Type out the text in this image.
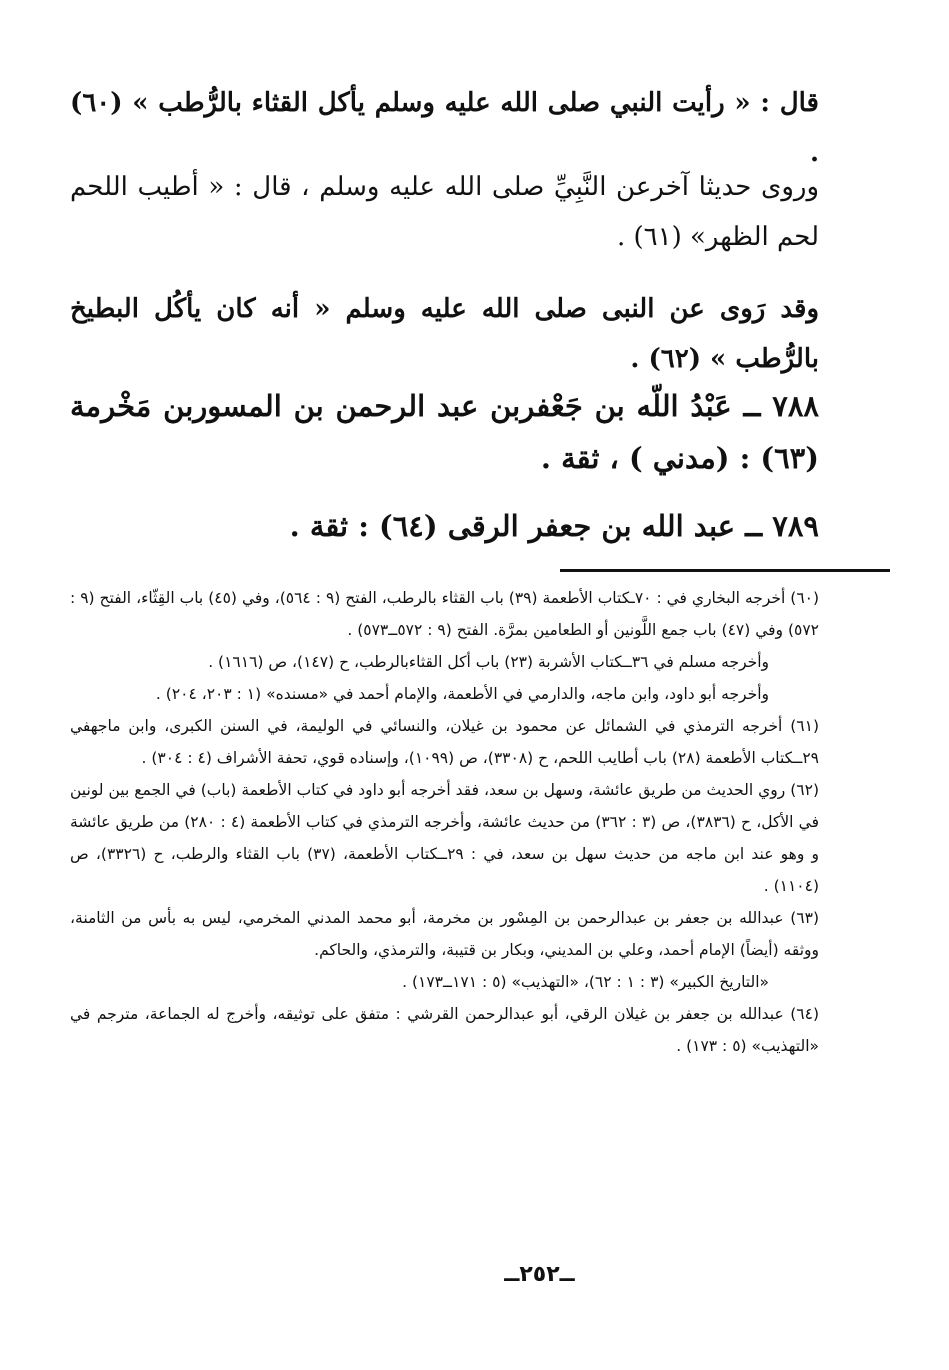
قال : « رأيت النبي صلى الله عليه وسلم يأكل القثاء بالرُّطب » (٦٠) .

وروى حديثا آخرعن النَّبِيِّ صلى الله عليه وسلم ، قال : « أطيب اللحم لحم الظهر» (٦١) .

وقد رَوى عن النبى صلى الله عليه وسلم « أنه كان يأكُل البطيخ بالرُّطب » (٦٢) .

٧٨٨ ــ عَبْدُ اللّه بن جَعْفربن عبد الرحمن بن المسوربن مَخْرمة (٦٣) : (مدني ) ، ثقة .

٧٨٩ ــ عبد الله بن جعفر الرقى (٦٤) : ثقة .

(٦٠) أخرجه البخاري في : ٧٠ـكتاب الأطعمة (٣٩) باب القثاء بالرطب، الفتح (٩ : ٥٦٤)، وفي (٤٥) باب القِثّاء، الفتح (٩ : ٥٧٢) وفي (٤٧) باب جمع اللَّونين أو الطعامين بمرَّة. الفتح (٩ : ٥٧٢ــ٥٧٣) .

وأخرجه مسلم في ٣٦ــكتاب الأشربة (٢٣) باب أكل القثاءبالرطب، ح (١٤٧)، ص (١٦١٦) .

وأخرجه أبو داود، وابن ماجه، والدارمي في الأطعمة، والإمام أحمد في «مسنده» (١ : ٢٠٣، ٢٠٤) .

(٦١) أخرجه الترمذي في الشمائل عن محمود بن غيلان، والنسائي في الوليمة، في السنن الكبرى، وابن ماجهفي ٢٩ــكتاب الأطعمة (٢٨) باب أطايب اللحم، ح (٣٣٠٨)، ص (١٠٩٩)، وإسناده قوي، تحفة الأشراف (٤ : ٣٠٤) .

(٦٢) روي الحديث من طريق عائشة، وسهل بن سعد، فقد أخرجه أبو داود في كتاب الأطعمة (باب) في الجمع بين لونين في الأكل، ح (٣٨٣٦)، ص (٣ : ٣٦٢) من حديث عائشة، وأخرجه الترمذي في كتاب الأطعمة (٤ : ٢٨٠) من طريق عائشة و وهو عند ابن ماجه من حديث سهل بن سعد، في : ٢٩ــكتاب الأطعمة، (٣٧) باب القثاء والرطب، ح (٣٣٢٦)، ص (١١٠٤) .

(٦٣) عبدالله بن جعفر بن عبدالرحمن بن المِسْور بن مخرمة، أبو محمد المدني المخرمي، ليس به بأس من الثامنة، ووثقه (أيضاً) الإمام أحمد، وعلي بن المديني، وبكار بن قتيبة، والترمذي، والحاكم.

«التاريخ الكبير» (٣ : ١ : ٦٢)، «التهذيب» (٥ : ١٧١ــ١٧٣) .

(٦٤) عبدالله بن جعفر بن غيلان الرقي، أبو عبدالرحمن القرشي : متفق على توثيقه، وأخرج له الجماعة، مترجم في «التهذيب» (٥ : ١٧٣) .

ــ٢٥٢ــ
